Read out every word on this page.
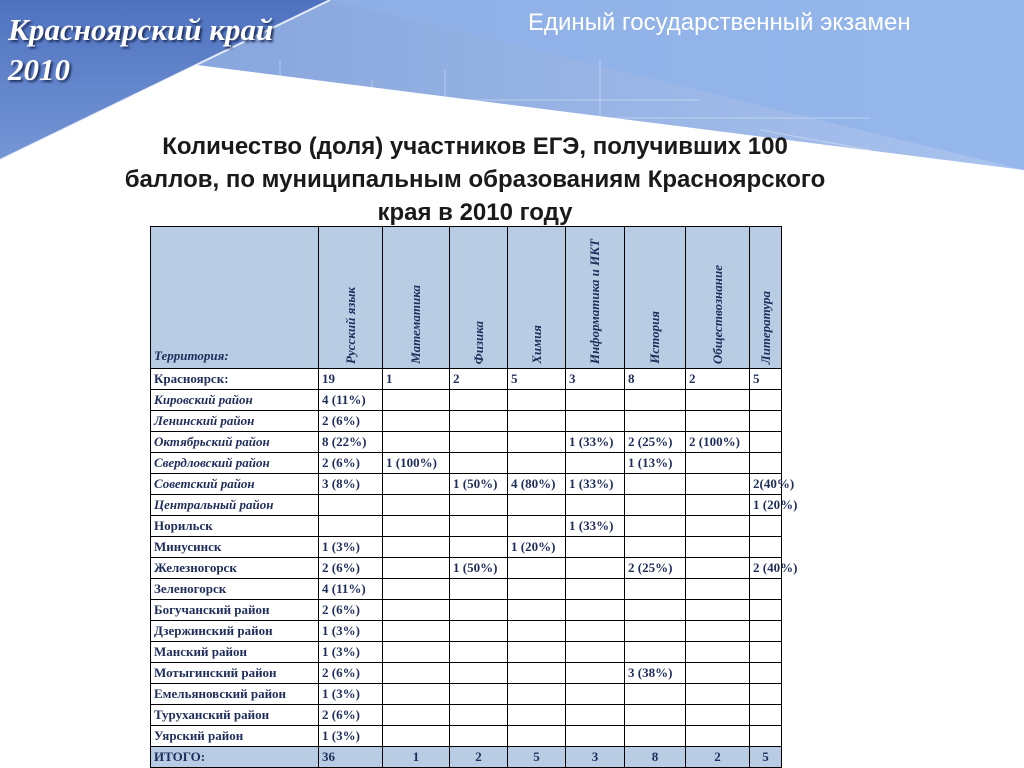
Красноярский край
2010
Единый государственный экзамен
Количество (доля) участников ЕГЭ, получивших 100
баллов, по муниципальным образованиям Красноярского
края в 2010 году
Территория:	Русский язык	Математика	Физика	Химия	Информатика и ИКТ	История	Обществознание	Литература

Красноярск:	19	1	2	5	3	8	2	5
Кировский район	4 (11%)							
Ленинский район	2 (6%)							
Октябрьский район	8 (22%)				1 (33%)	2 (25%)	2 (100%)	
Свердловский район	2 (6%)	1 (100%)				1 (13%)		
Советский район	3 (8%)		1 (50%)	4 (80%)	1 (33%)			2(40%)
Центральный район								1 (20%)
Норильск					1 (33%)			
Минусинск	1 (3%)			1 (20%)				
Железногорск	2 (6%)		1 (50%)			2 (25%)		2 (40%)
Зеленогорск	4 (11%)							
Богучанский район	2 (6%)							
Дзержинский район	1 (3%)							
Манский район	1 (3%)							
Мотыгинский район	2 (6%)					3 (38%)		
Емельяновский район	1 (3%)							
Туруханский район	2 (6%)							
Уярский район	1 (3%)							
ИТОГО:	36	1	2	5	3	8	2	5
